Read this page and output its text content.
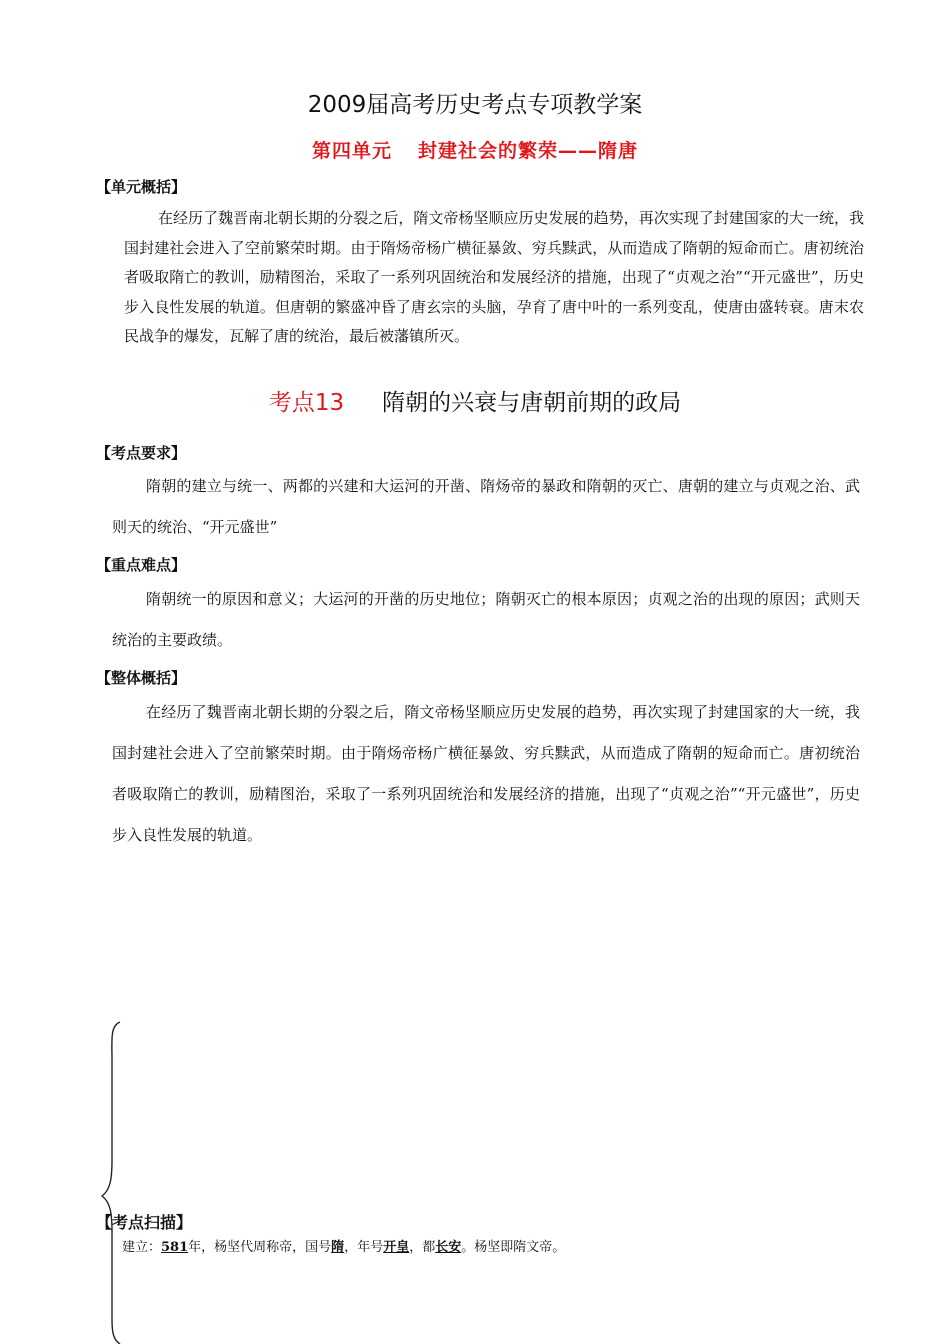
2009届高考历史考点专项教学案
第四单元 封建社会的繁荣——隋唐
【单元概括】
在经历了魏晋南北朝长期的分裂之后，隋文帝杨坚顺应历史发展的趋势，再次实现了封建国家的大一统，我国封建社会进入了空前繁荣时期。由于隋炀帝杨广横征暴敛、穷兵黩武，从而造成了隋朝的短命而亡。唐初统治者吸取隋亡的教训，励精图治，采取了一系列巩固统治和发展经济的措施，出现了“贞观之治”“开元盛世”，历史步入良性发展的轨道。但唐朝的繁盛冲昏了唐玄宗的头脑，孕育了唐中叶的一系列变乱，使唐由盛转衰。唐末农民战争的爆发，瓦解了唐的统治，最后被藩镇所灭。
考点13 隋朝的兴衰与唐朝前期的政局
【考点要求】
隋朝的建立与统一、两都的兴建和大运河的开凿、隋炀帝的暴政和隋朝的灭亡、唐朝的建立与贞观之治、武则天的统治、“开元盛世”
【重点难点】
隋朝统一的原因和意义；大运河的开凿的历史地位；隋朝灭亡的根本原因；贞观之治的出现的原因；武则天统治的主要政绩。
【整体概括】
在经历了魏晋南北朝长期的分裂之后，隋文帝杨坚顺应历史发展的趋势，再次实现了封建国家的大一统，我国封建社会进入了空前繁荣时期。由于隋炀帝杨广横征暴敛、穷兵黩武，从而造成了隋朝的短命而亡。唐初统治者吸取隋亡的教训，励精图治，采取了一系列巩固统治和发展经济的措施，出现了“贞观之治”“开元盛世”，历史步入良性发展的轨道。
【考点扫描】
建立：581年，杨坚代周称帝，国号隋，年号开皇，都长安。杨坚即隋文帝。
